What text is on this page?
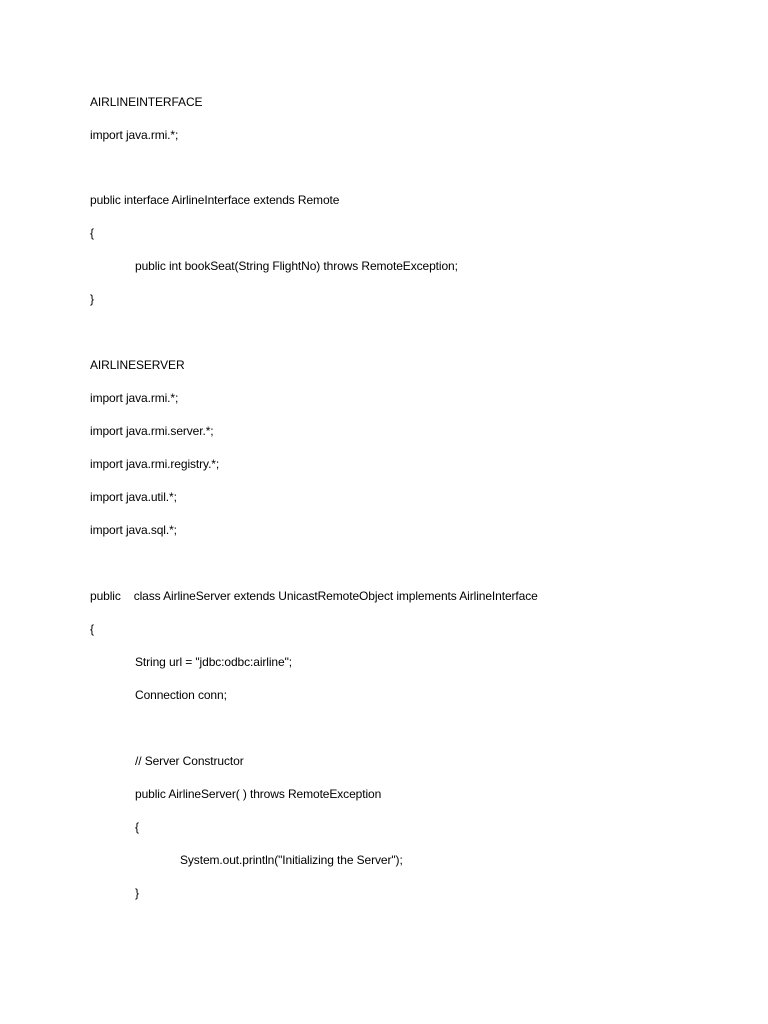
AIRLINEINTERFACE
import java.rmi.*;
public interface AirlineInterface extends Remote
{
public int bookSeat(String FlightNo) throws RemoteException;
}
AIRLINESERVER
import java.rmi.*;
import java.rmi.server.*;
import java.rmi.registry.*;
import java.util.*;
import java.sql.*;
public    class AirlineServer extends UnicastRemoteObject implements AirlineInterface
{
String url = "jdbc:odbc:airline";
Connection conn;
// Server Constructor
public AirlineServer( ) throws RemoteException
{
System.out.println("Initializing the Server");
}
